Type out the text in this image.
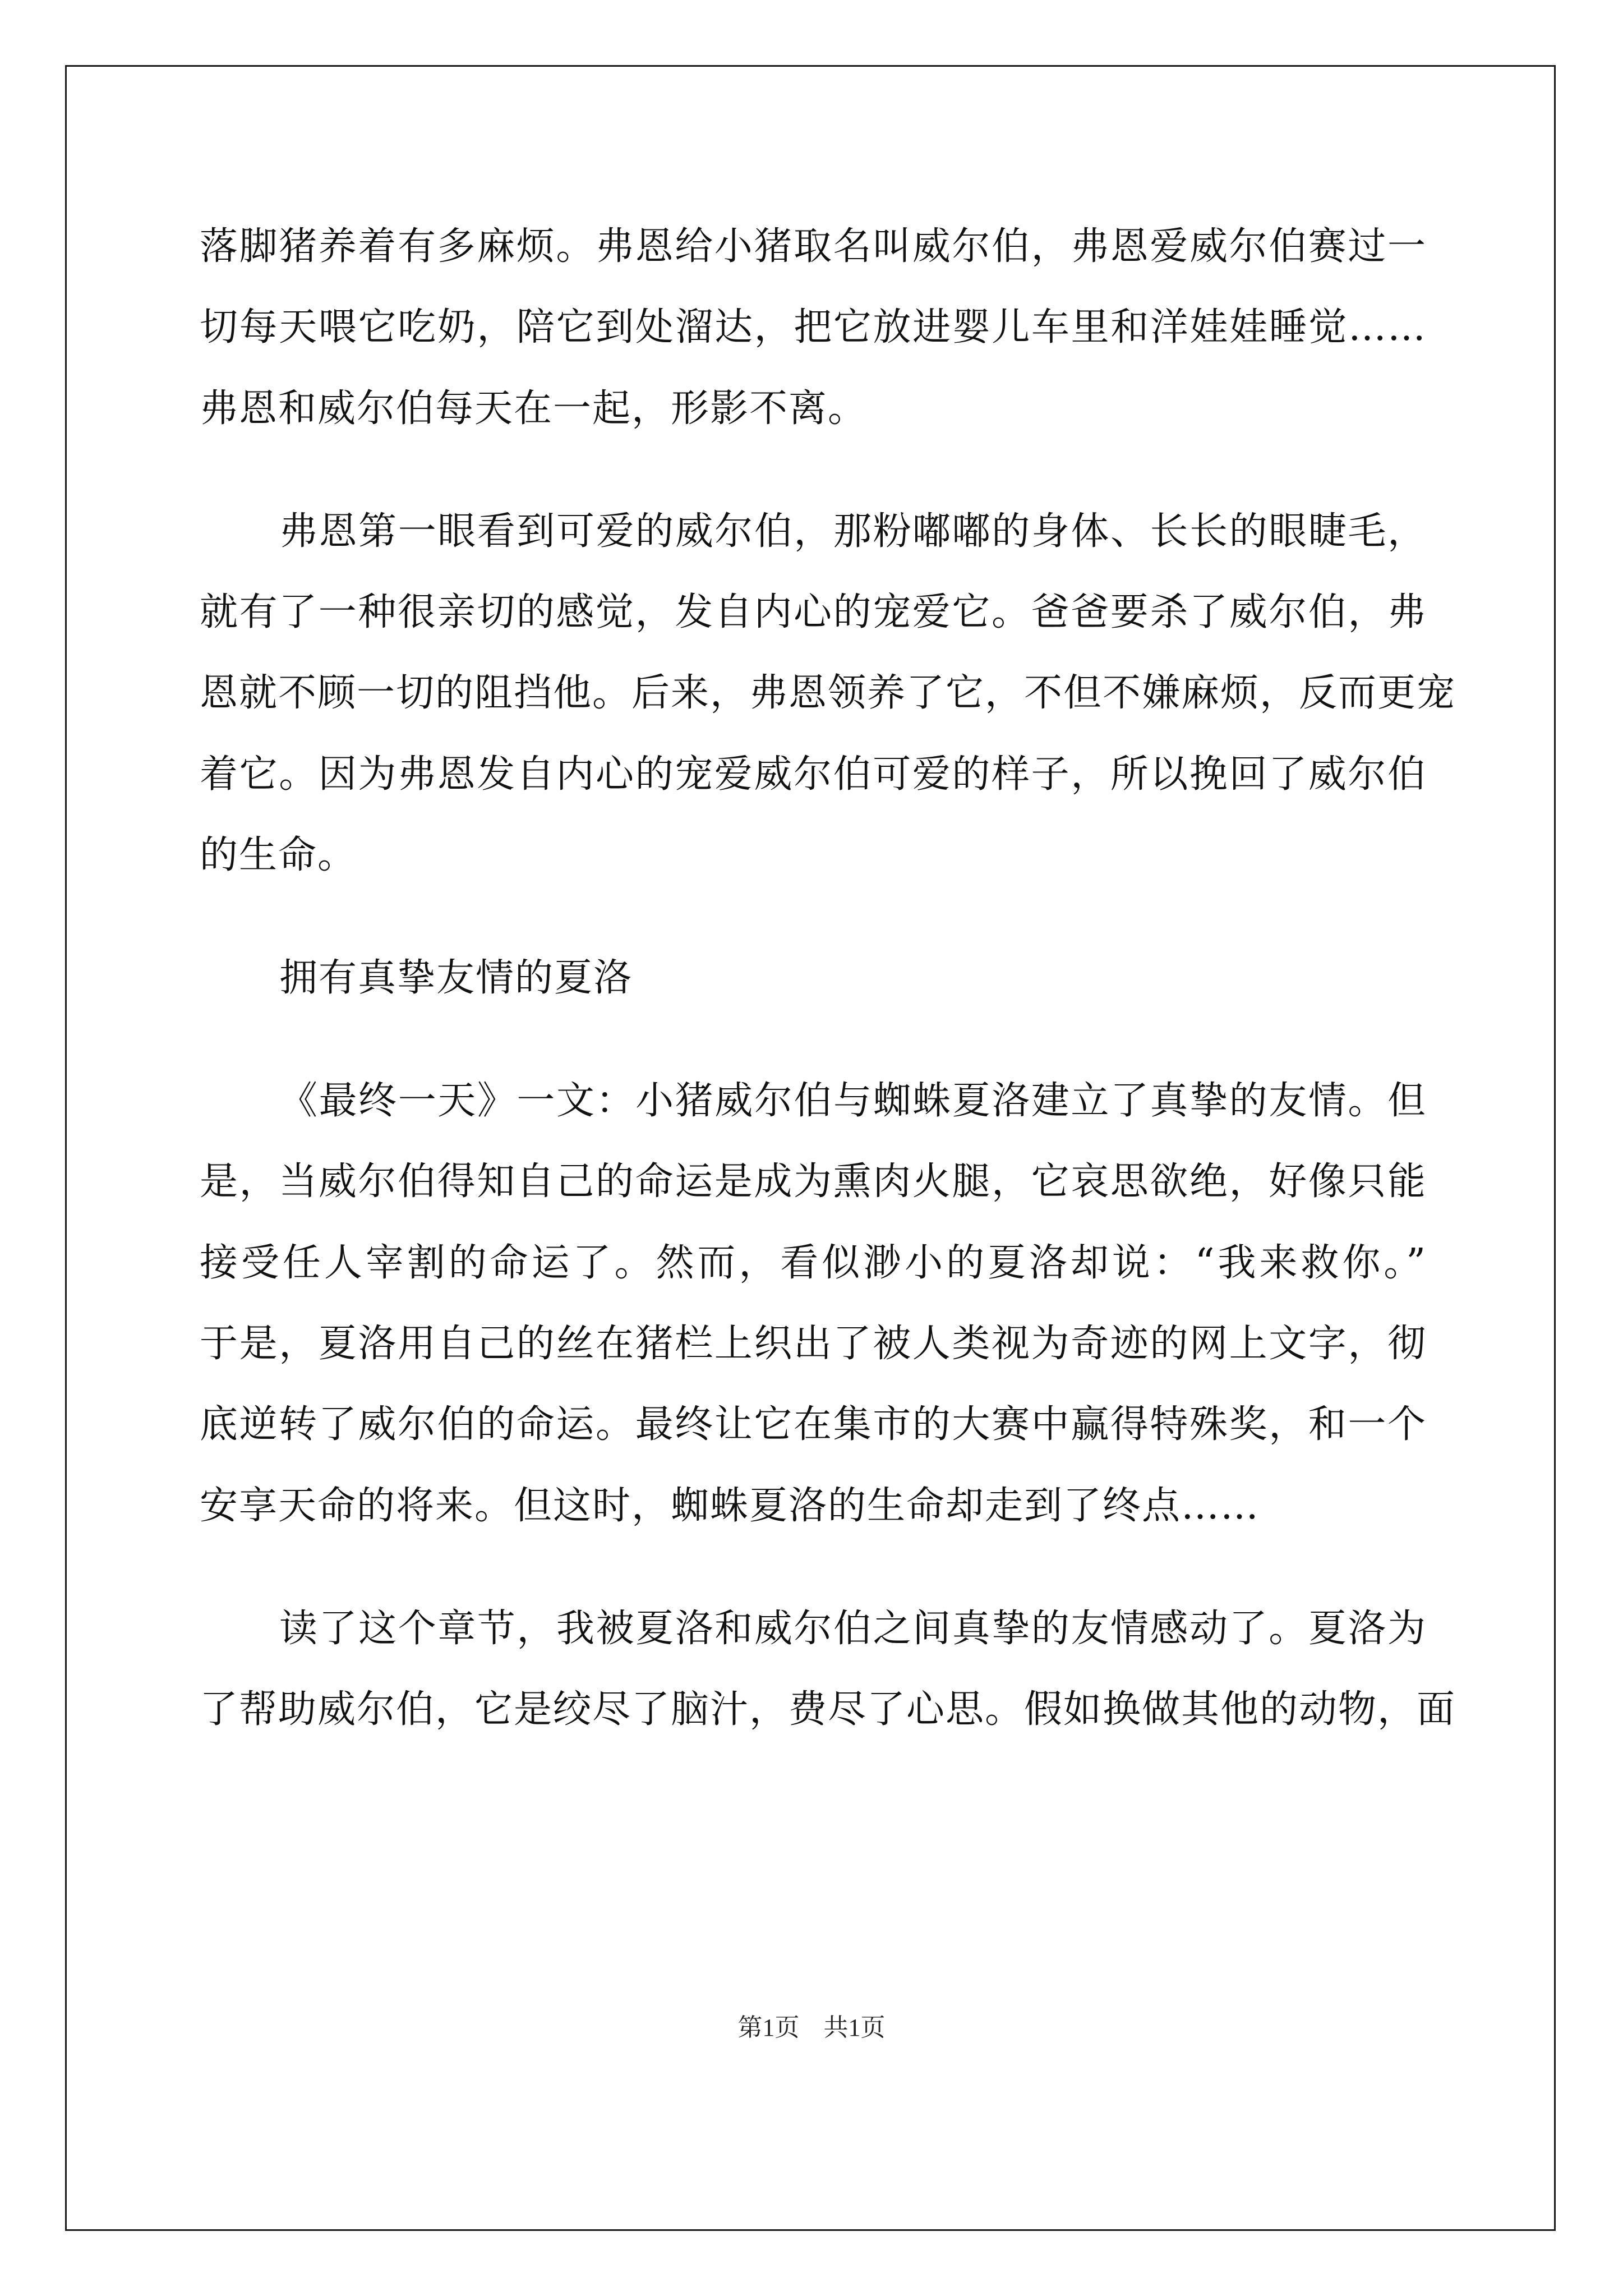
落脚猪养着有多麻烦。弗恩给小猪取名叫威尔伯，弗恩爱威尔伯赛过一
切每天喂它吃奶，陪它到处溜达，把它放进婴儿车里和洋娃娃睡觉……
弗恩和威尔伯每天在一起，形影不离。
弗恩第一眼看到可爱的威尔伯，那粉嘟嘟的身体、长长的眼睫毛，
就有了一种很亲切的感觉，发自内心的宠爱它。爸爸要杀了威尔伯，弗
恩就不顾一切的阻挡他。后来，弗恩领养了它，不但不嫌麻烦，反而更宠
着它。因为弗恩发自内心的宠爱威尔伯可爱的样子，所以挽回了威尔伯
的生命。
拥有真挚友情的夏洛
《最终一天》一文：小猪威尔伯与蜘蛛夏洛建立了真挚的友情。但
是，当威尔伯得知自己的命运是成为熏肉火腿，它哀思欲绝，好像只能
接受任人宰割的命运了。然而，看似渺小的夏洛却说：“我来救你。”
于是，夏洛用自己的丝在猪栏上织出了被人类视为奇迹的网上文字，彻
底逆转了威尔伯的命运。最终让它在集市的大赛中赢得特殊奖，和一个
安享天命的将来。但这时，蜘蛛夏洛的生命却走到了终点……
读了这个章节，我被夏洛和威尔伯之间真挚的友情感动了。夏洛为
了帮助威尔伯，它是绞尽了脑汁，费尽了心思。假如换做其他的动物，面
第1页 共1页
